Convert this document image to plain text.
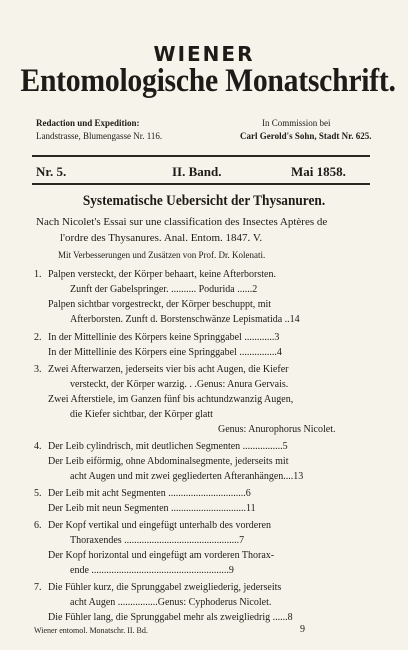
WIENER
Entomologische Monatschrift.
Redaction und Expedition:
Landstrasse, Blumengasse Nr. 116.
In Commission bei
Carl Gerold's Sohn, Stadt Nr. 625.
Nr. 5.	II. Band.	Mai 1858.
Systematische Uebersicht der Thysanuren.
Nach Nicolet's Essai sur une classification des Insectes Aptères de
l'ordre des Thysanures. Anal. Entom. 1847. V.
Mit Verbesserungen und Zusätzen von Prof. Dr. Kolenati.
1. Palpen versteckt, der Körper behaart, keine Afterborsten.
Zunft der Gabelspringer. .......... Podurida ......2
Palpen sichtbar vorgestreckt, der Körper beschuppt, mit
Afterborsten. Zunft d. Borstenschwänze Lepismatida ..14
2. In der Mittellinie des Körpers keine Springgabel ............3
In der Mittellinie des Körpers eine Springgabel ...............4
3. Zwei Afterwarzen, jederseits vier bis acht Augen, die Kiefer
versteckt, der Körper warzig. . .Genus: Anura Gervais.
Zwei Afterstiele, im Ganzen fünf bis achtundzwanzig Augen,
die Kiefer sichtbar, der Körper glatt
Genus: Anurophorus Nicolet.
4. Der Leib cylindrisch, mit deutlichen Segmenten ................5
Der Leib eiförmig, ohne Abdominalsegmente, jederseits mit
acht Augen und mit zwei gegliederten Afteranhängen....13
5. Der Leib mit acht Segmenten ...............................6
Der Leib mit neun Segmenten ..............................11
6. Der Kopf vertikal und eingefügt unterhalb des vorderen
Thoraxendes ..............................................7
Der Kopf horizontal und eingefügt am vorderen Thorax-
ende .......................................................9
7. Die Fühler kurz, die Sprunggabel zweigliederig, jederseits
acht Augen ................Genus: Cyphoderus Nicolet.
Die Fühler lang, die Sprunggabel mehr als zweigliedrig ......8
Wiener entomol. Monatschr. II. Bd.	9
